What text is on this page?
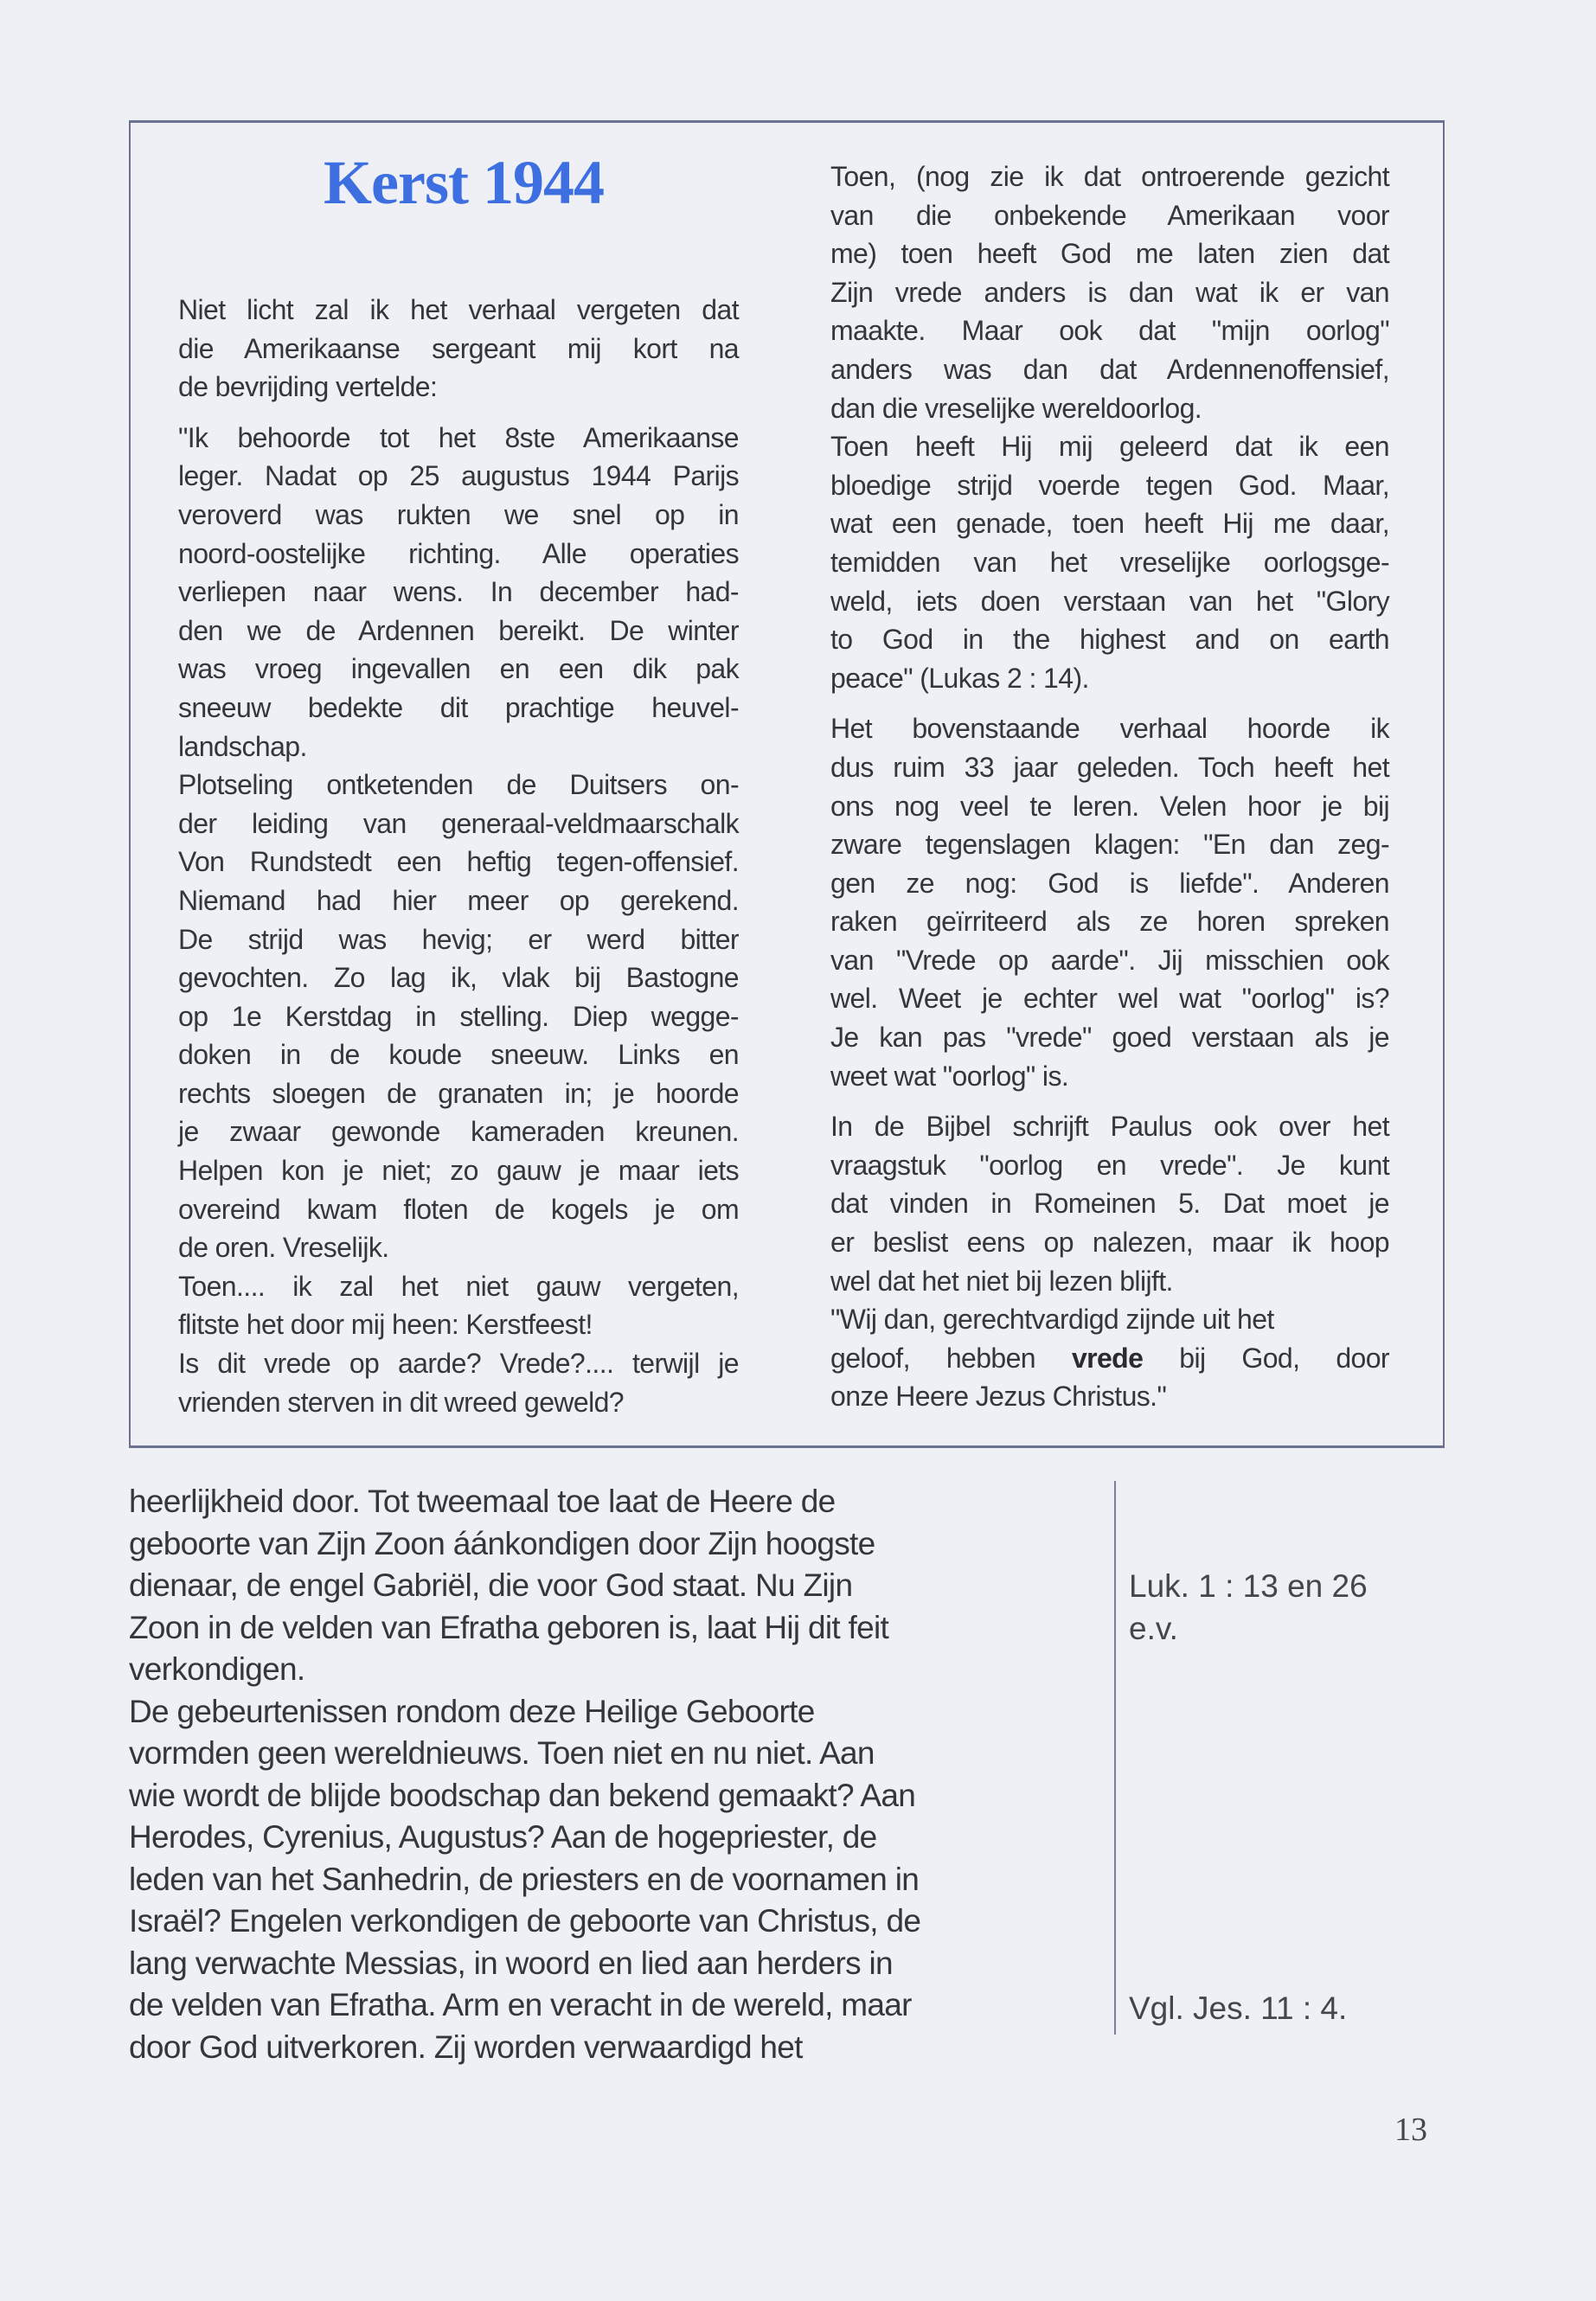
Kerst 1944
Niet licht zal ik het verhaal vergeten dat
die Amerikaanse sergeant mij kort na
de bevrijding vertelde:
"Ik behoorde tot het 8ste Amerikaanse
leger. Nadat op 25 augustus 1944 Parijs
veroverd was rukten we snel op in
noord-oostelijke richting. Alle operaties
verliepen naar wens. In december had-
den we de Ardennen bereikt. De winter
was vroeg ingevallen en een dik pak
sneeuw bedekte dit prachtige heuvel-
landschap.
Plotseling ontketenden de Duitsers on-
der leiding van generaal-veldmaarschalk
Von Rundstedt een heftig tegen-offensief.
Niemand had hier meer op gerekend.
De strijd was hevig; er werd bitter
gevochten. Zo lag ik, vlak bij Bastogne
op 1e Kerstdag in stelling. Diep wegge-
doken in de koude sneeuw. Links en
rechts sloegen de granaten in; je hoorde
je zwaar gewonde kameraden kreunen.
Helpen kon je niet; zo gauw je maar iets
overeind kwam floten de kogels je om
de oren. Vreselijk.
Toen.... ik zal het niet gauw vergeten,
flitste het door mij heen: Kerstfeest!
Is dit vrede op aarde? Vrede?.... terwijl je
vrienden sterven in dit wreed geweld?
Toen, (nog zie ik dat ontroerende gezicht
van die onbekende Amerikaan voor
me) toen heeft God me laten zien dat
Zijn vrede anders is dan wat ik er van
maakte. Maar ook dat "mijn oorlog"
anders was dan dat Ardennenoffensief,
dan die vreselijke wereldoorlog.
Toen heeft Hij mij geleerd dat ik een
bloedige strijd voerde tegen God. Maar,
wat een genade, toen heeft Hij me daar,
temidden van het vreselijke oorlogsge-
weld, iets doen verstaan van het "Glory
to God in the highest and on earth
peace" (Lukas 2 : 14).
Het bovenstaande verhaal hoorde ik
dus ruim 33 jaar geleden. Toch heeft het
ons nog veel te leren. Velen hoor je bij
zware tegenslagen klagen: "En dan zeg-
gen ze nog: God is liefde". Anderen
raken geïrriteerd als ze horen spreken
van "Vrede op aarde". Jij misschien ook
wel. Weet je echter wel wat "oorlog" is?
Je kan pas "vrede" goed verstaan als je
weet wat "oorlog" is.
In de Bijbel schrijft Paulus ook over het
vraagstuk "oorlog en vrede". Je kunt
dat vinden in Romeinen 5. Dat moet je
er beslist eens op nalezen, maar ik hoop
wel dat het niet bij lezen blijft.
"Wij dan, gerechtvardigd zijnde uit het
geloof, hebben vrede bij God, door
onze Heere Jezus Christus."
heerlijkheid door. Tot tweemaal toe laat de Heere de
geboorte van Zijn Zoon áánkondigen door Zijn hoogste
dienaar, de engel Gabriël, die voor God staat. Nu Zijn
Zoon in de velden van Efratha geboren is, laat Hij dit feit
verkondigen.
De gebeurtenissen rondom deze Heilige Geboorte
vormden geen wereldnieuws. Toen niet en nu niet. Aan
wie wordt de blijde boodschap dan bekend gemaakt? Aan
Herodes, Cyrenius, Augustus? Aan de hogepriester, de
leden van het Sanhedrin, de priesters en de voornamen in
Israël? Engelen verkondigen de geboorte van Christus, de
lang verwachte Messias, in woord en lied aan herders in
de velden van Efratha. Arm en veracht in de wereld, maar
door God uitverkoren. Zij worden verwaardigd het
Luk. 1 : 13 en 26
e.v.
Vgl. Jes. 11 : 4.
13
